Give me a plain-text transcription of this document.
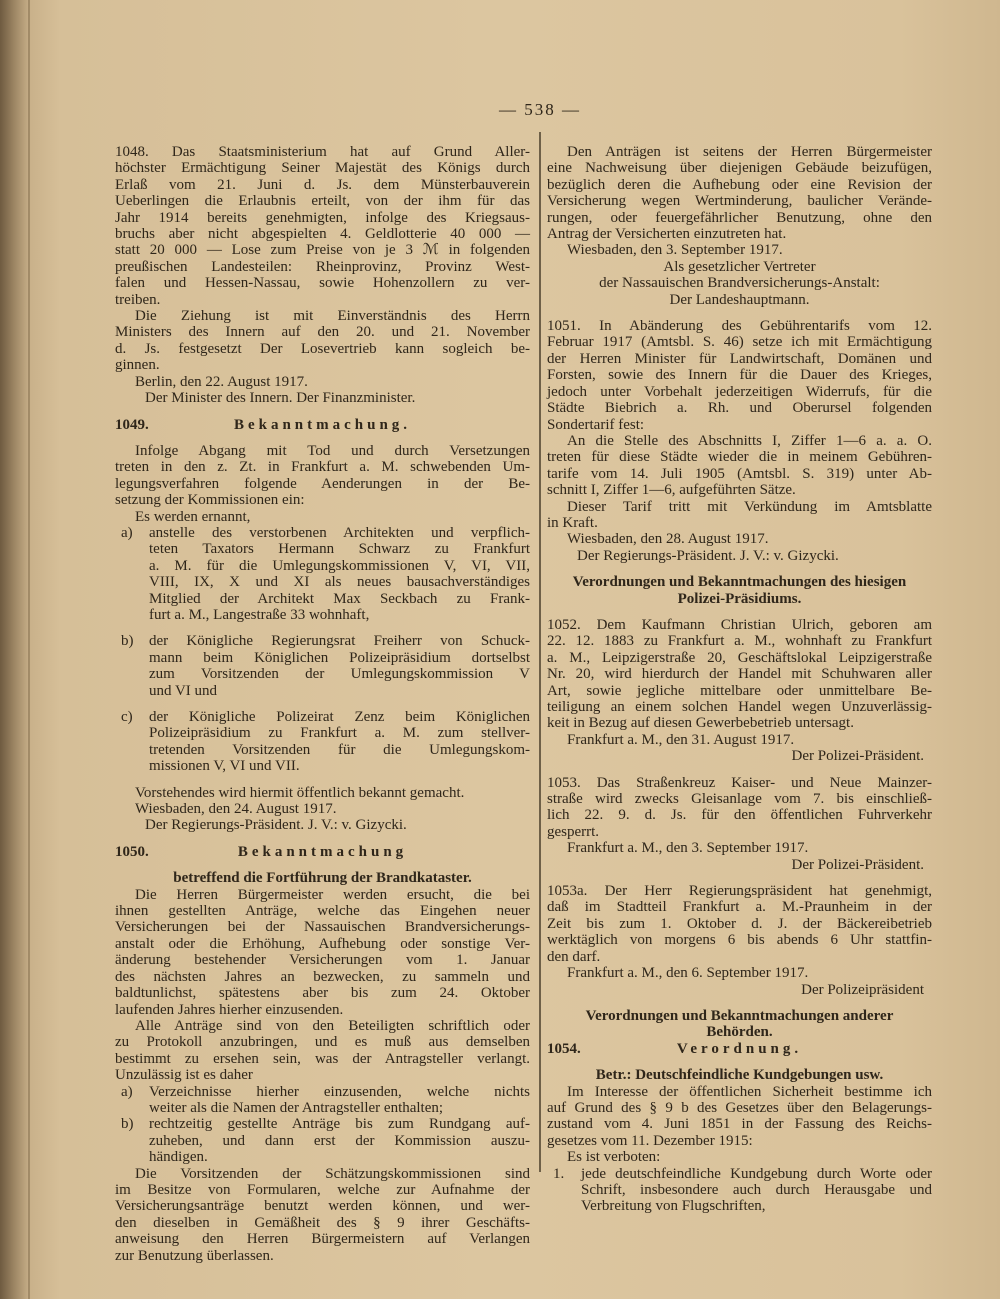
— 538 —
1048. Das Staatsministerium hat auf Grund Aller-
höchster Ermächtigung Seiner Majestät des Königs durch
Erlaß vom 21. Juni d. Js. dem Münsterbauverein
Ueberlingen die Erlaubnis erteilt, von der ihm für das
Jahr 1914 bereits genehmigten, infolge des Kriegsaus-
bruchs aber nicht abgespielten 4. Geldlotterie 40 000 —
statt 20 000 — Lose zum Preise von je 3 ℳ in folgenden
preußischen Landesteilen: Rheinprovinz, Provinz West-
falen und Hessen-Nassau, sowie Hohenzollern zu ver-
treiben.
Die Ziehung ist mit Einverständnis des Herrn
Ministers des Innern auf den 20. und 21. November
d. Js. festgesetzt Der Losevertrieb kann sogleich be-
ginnen.
Berlin, den 22. August 1917.
Der Minister des Innern. Der Finanzminister.
1049.	Bekanntmachung.
Infolge Abgang mit Tod und durch Versetzungen
treten in den z. Zt. in Frankfurt a. M. schwebenden Um-
legungsverfahren folgende Aenderungen in der Be-
setzung der Kommissionen ein:
Es werden ernannt,
a)	anstelle des verstorbenen Architekten und verpflich-
teten Taxators Hermann Schwarz zu Frankfurt
a. M. für die Umlegungskommissionen V, VI, VII,
VIII, IX, X und XI als neues bausachverständiges
Mitglied der Architekt Max Seckbach zu Frank-
furt a. M., Langestraße 33 wohnhaft,
b)	der Königliche Regierungsrat Freiherr von Schuck-
mann beim Königlichen Polizeipräsidium dortselbst
zum Vorsitzenden der Umlegungskommission V
und VI und
c)	der Königliche Polizeirat Zenz beim Königlichen
Polizeipräsidium zu Frankfurt a. M. zum stellver-
tretenden Vorsitzenden für die Umlegungskom-
missionen V, VI und VII.
Vorstehendes wird hiermit öffentlich bekannt gemacht.
Wiesbaden, den 24. August 1917.
Der Regierungs-Präsident. J. V.: v. Gizycki.
1050.	Bekanntmachung
betreffend die Fortführung der Brandkataster.
Die Herren Bürgermeister werden ersucht, die bei
ihnen gestellten Anträge, welche das Eingehen neuer
Versicherungen bei der Nassauischen Brandversicherungs-
anstalt oder die Erhöhung, Aufhebung oder sonstige Ver-
änderung bestehender Versicherungen vom 1. Januar
des nächsten Jahres an bezwecken, zu sammeln und
baldtunlichst, spätestens aber bis zum 24. Oktober
laufenden Jahres hierher einzusenden.
Alle Anträge sind von den Beteiligten schriftlich oder
zu Protokoll anzubringen, und es muß aus demselben
bestimmt zu ersehen sein, was der Antragsteller verlangt.
Unzulässig ist es daher
a)	Verzeichnisse hierher einzusenden, welche nichts
weiter als die Namen der Antragsteller enthalten;
b)	rechtzeitig gestellte Anträge bis zum Rundgang auf-
zuheben, und dann erst der Kommission auszu-
händigen.
Die Vorsitzenden der Schätzungskommissionen sind
im Besitze von Formularen, welche zur Aufnahme der
Versicherungsanträge benutzt werden können, und wer-
den dieselben in Gemäßheit des § 9 ihrer Geschäfts-
anweisung den Herren Bürgermeistern auf Verlangen
zur Benutzung überlassen.
Den Anträgen ist seitens der Herren Bürgermeister
eine Nachweisung über diejenigen Gebäude beizufügen,
bezüglich deren die Aufhebung oder eine Revision der
Versicherung wegen Wertminderung, baulicher Verände-
rungen, oder feuergefährlicher Benutzung, ohne den
Antrag der Versicherten einzutreten hat.
Wiesbaden, den 3. September 1917.
Als gesetzlicher Vertreter
der Nassauischen Brandversicherungs-Anstalt:
Der Landeshauptmann.
1051. In Abänderung des Gebührentarifs vom 12.
Februar 1917 (Amtsbl. S. 46) setze ich mit Ermächtigung
der Herren Minister für Landwirtschaft, Domänen und
Forsten, sowie des Innern für die Dauer des Krieges,
jedoch unter Vorbehalt jederzeitigen Widerrufs, für die
Städte Biebrich a. Rh. und Oberursel folgenden
Sondertarif fest:
An die Stelle des Abschnitts I, Ziffer 1—6 a. a. O.
treten für diese Städte wieder die in meinem Gebühren-
tarife vom 14. Juli 1905 (Amtsbl. S. 319) unter Ab-
schnitt I, Ziffer 1—6, aufgeführten Sätze.
Dieser Tarif tritt mit Verkündung im Amtsblatte
in Kraft.
Wiesbaden, den 28. August 1917.
Der Regierungs-Präsident. J. V.: v. Gizycki.
Verordnungen und Bekanntmachungen des hiesigen
Polizei-Präsidiums.
1052. Dem Kaufmann Christian Ulrich, geboren am
22. 12. 1883 zu Frankfurt a. M., wohnhaft zu Frankfurt
a. M., Leipzigerstraße 20, Geschäftslokal Leipzigerstraße
Nr. 20, wird hierdurch der Handel mit Schuhwaren aller
Art, sowie jegliche mittelbare oder unmittelbare Be-
teiligung an einem solchen Handel wegen Unzuverlässig-
keit in Bezug auf diesen Gewerbebetrieb untersagt.
Frankfurt a. M., den 31. August 1917.
Der Polizei-Präsident.
1053. Das Straßenkreuz Kaiser- und Neue Mainzer-
straße wird zwecks Gleisanlage vom 7. bis einschließ-
lich 22. 9. d. Js. für den öffentlichen Fuhrverkehr
gesperrt.
Frankfurt a. M., den 3. September 1917.
Der Polizei-Präsident.
1053a. Der Herr Regierungspräsident hat genehmigt,
daß im Stadtteil Frankfurt a. M.-Praunheim in der
Zeit bis zum 1. Oktober d. J. der Bäckereibetrieb
werktäglich von morgens 6 bis abends 6 Uhr stattfin-
den darf.
Frankfurt a. M., den 6. September 1917.
Der Polizeipräsident
Verordnungen und Bekanntmachungen anderer
Behörden.
1054.	Verordnung.
Betr.: Deutschfeindliche Kundgebungen usw.
Im Interesse der öffentlichen Sicherheit bestimme ich
auf Grund des § 9 b des Gesetzes über den Belagerungs-
zustand vom 4. Juni 1851 in der Fassung des Reichs-
gesetzes vom 11. Dezember 1915:
Es ist verboten:
1.	jede deutschfeindliche Kundgebung durch Worte oder
Schrift, insbesondere auch durch Herausgabe und
Verbreitung von Flugschriften,
